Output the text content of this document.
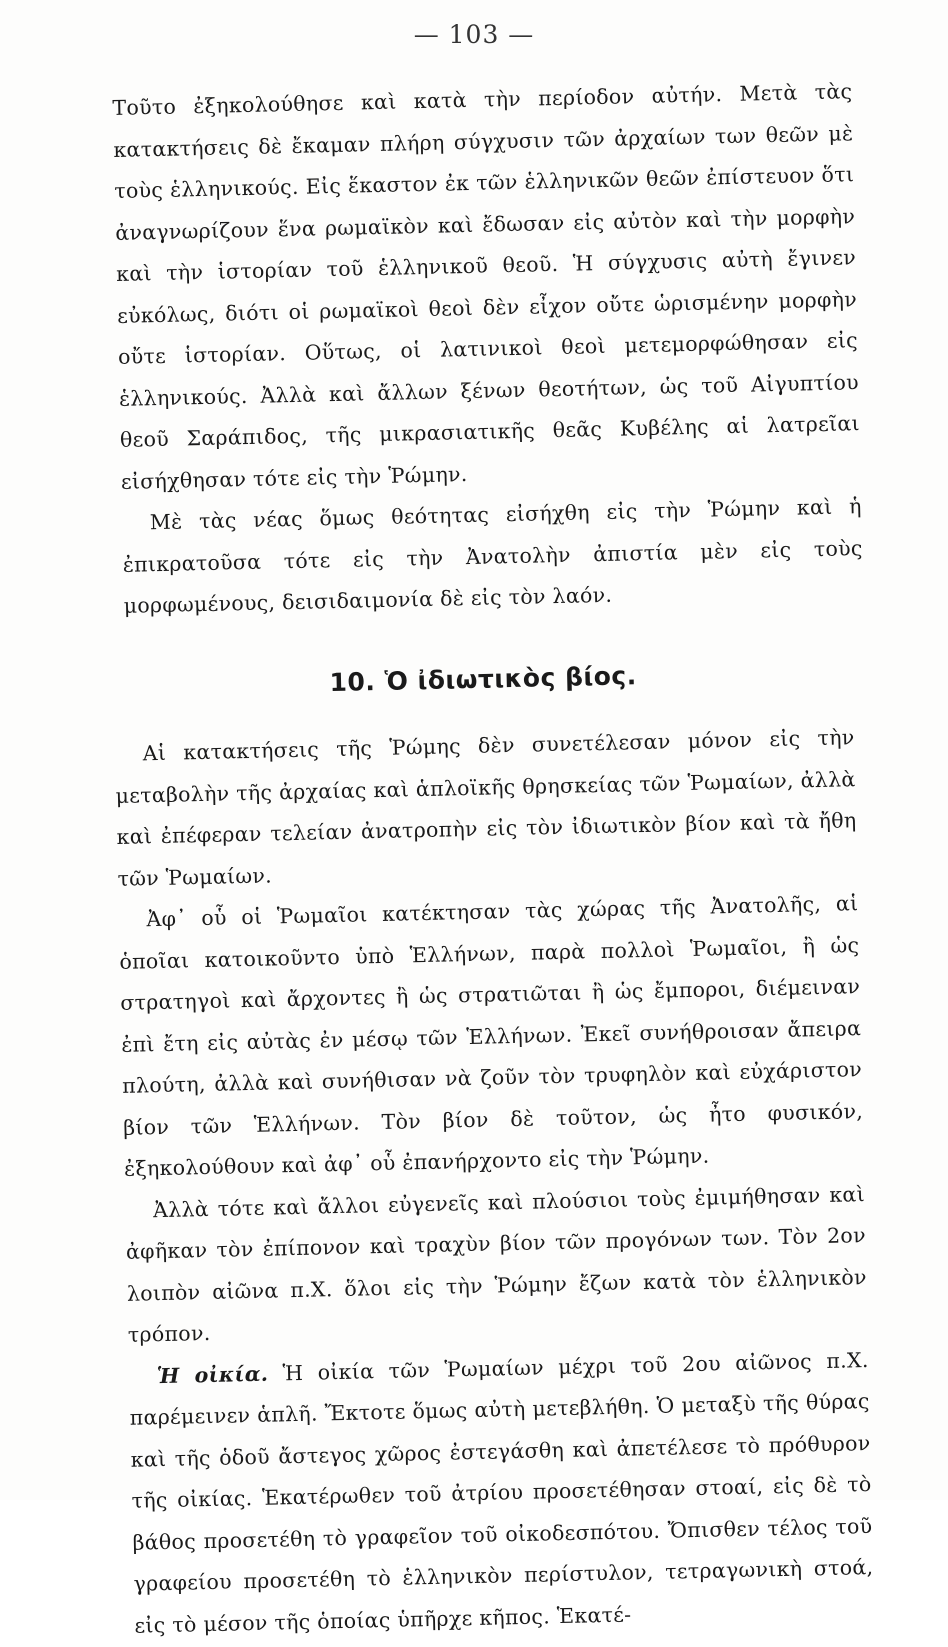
— 103 —

Τοῦτο ἐξηκολούθησε καὶ κατὰ τὴν περίοδον αὐτήν. Μετὰ τὰς κατακτήσεις δὲ ἔκαμαν πλήρη σύγχυσιν τῶν ἀρχαίων των θεῶν μὲ τοὺς ἑλληνικούς. Εἰς ἕκαστον ἐκ τῶν ἑλληνικῶν θεῶν ἐπίστευον ὅτι ἀναγνωρίζουν ἕνα ρωμαϊκὸν καὶ ἔδωσαν εἰς αὐτὸν καὶ τὴν μορφὴν καὶ τὴν ἱστορίαν τοῦ ἑλληνικοῦ θεοῦ. Ἡ σύγχυσις αὐτὴ ἔγινεν εὐκόλως, διότι οἱ ρωμαϊκοὶ θεοὶ δὲν εἶχον οὔτε ὡρισμένην μορφὴν οὔτε ἱστορίαν. Οὕτως, οἱ λατινικοὶ θεοὶ μετεμορφώθησαν εἰς ἑλληνικούς. Ἀλλὰ καὶ ἄλλων ξένων θεοτήτων, ὡς τοῦ Αἰγυπτίου θεοῦ Σαράπιδος, τῆς μικρασιατικῆς θεᾶς Κυβέλης αἱ λατρεῖαι εἰσήχθησαν τότε εἰς τὴν Ῥώμην.

Μὲ τὰς νέας ὅμως θεότητας εἰσήχθη εἰς τὴν Ῥώμην καὶ ἡ ἐπικρατοῦσα τότε εἰς τὴν Ἀνατολὴν ἀπιστία μὲν εἰς τοὺς μορφωμένους, δεισιδαιμονία δὲ εἰς τὸν λαόν.

10. Ὁ ἰδιωτικὸς βίος.

Αἱ κατακτήσεις τῆς Ῥώμης δὲν συνετέλεσαν μόνον εἰς τὴν μεταβολὴν τῆς ἀρχαίας καὶ ἁπλοϊκῆς θρησκείας τῶν Ῥωμαίων, ἀλλὰ καὶ ἐπέφεραν τελείαν ἀνατροπὴν εἰς τὸν ἰδιωτικὸν βίον καὶ τὰ ἤθη τῶν Ῥωμαίων.

Ἀφ᾽ οὗ οἱ Ῥωμαῖοι κατέκτησαν τὰς χώρας τῆς Ἀνατολῆς, αἱ ὁποῖαι κατοικοῦντο ὑπὸ Ἑλλήνων, παρὰ πολλοὶ Ῥωμαῖοι, ἢ ὡς στρατηγοὶ καὶ ἄρχοντες ἢ ὡς στρατιῶται ἢ ὡς ἔμποροι, διέμειναν ἐπὶ ἔτη εἰς αὐτὰς ἐν μέσῳ τῶν Ἑλλήνων. Ἐκεῖ συνήθροισαν ἄπειρα πλούτη, ἀλλὰ καὶ συνήθισαν νὰ ζοῦν τὸν τρυφηλὸν καὶ εὐχάριστον βίον τῶν Ἑλλήνων. Τὸν βίον δὲ τοῦτον, ὡς ἦτο φυσικόν, ἐξηκολούθουν καὶ ἀφ᾽ οὗ ἐπανήρχοντο εἰς τὴν Ῥώμην.

Ἀλλὰ τότε καὶ ἄλλοι εὐγενεῖς καὶ πλούσιοι τοὺς ἐμιμήθησαν καὶ ἀφῆκαν τὸν ἐπίπονον καὶ τραχὺν βίον τῶν προγόνων των. Τὸν 2ον λοιπὸν αἰῶνα π.Χ. ὅλοι εἰς τὴν Ῥώμην ἔζων κατὰ τὸν ἑλληνικὸν τρόπον.

Ἡ οἰκία. Ἡ οἰκία τῶν Ῥωμαίων μέχρι τοῦ 2ου αἰῶνος π.Χ. παρέμεινεν ἁπλῆ. Ἔκτοτε ὅμως αὐτὴ μετεβλήθη. Ὁ μεταξὺ τῆς θύρας καὶ τῆς ὁδοῦ ἄστεγος χῶρος ἐστεγάσθη καὶ ἀπετέλεσε τὸ πρόθυρον τῆς οἰκίας. Ἑκατέρωθεν τοῦ ἀτρίου προσετέθησαν στοαί, εἰς δὲ τὸ βάθος προσετέθη τὸ γραφεῖον τοῦ οἰκοδεσπότου. Ὄπισθεν τέλος τοῦ γραφείου προσετέθη τὸ ἑλληνικὸν περίστυλον, τετραγωνικὴ στοά, εἰς τὸ μέσον τῆς ὁποίας ὑπῆρχε κῆπος. Ἑκατέ-
